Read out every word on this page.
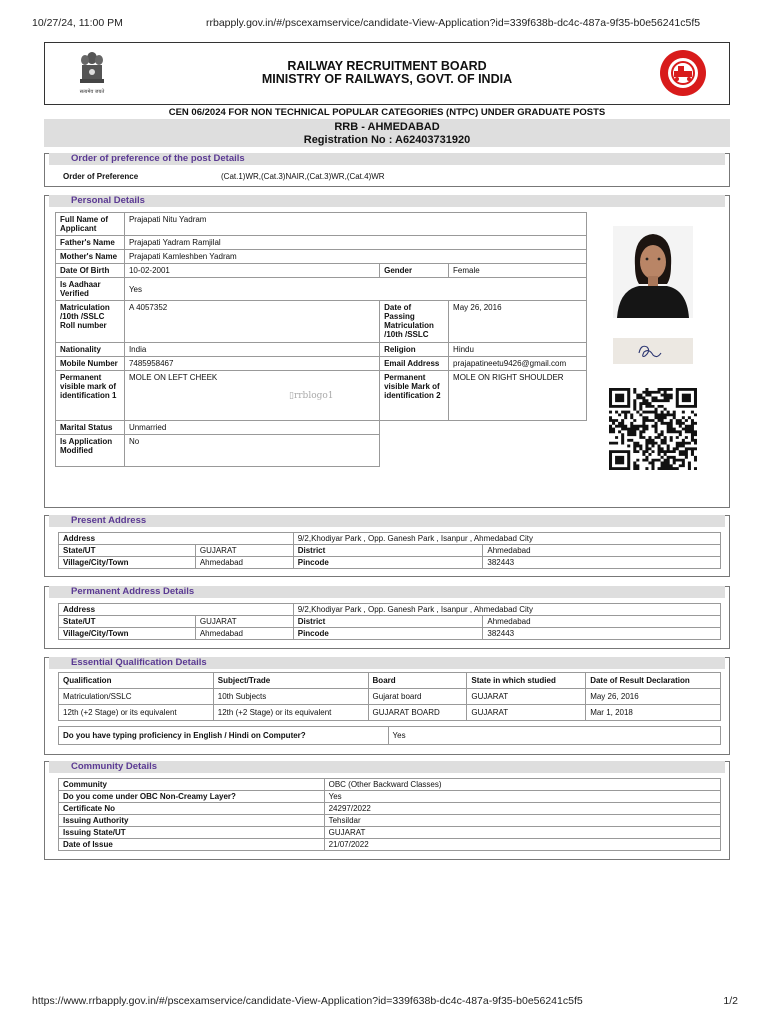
10/27/24, 11:00 PM	rrbapply.gov.in/#/pscexamservice/candidate-View-Application?id=339f638b-dc4c-487a-9f35-b0e56241c5f5
सत्यमेव जयते
RAILWAY RECRUITMENT BOARD
MINISTRY OF RAILWAYS, GOVT. OF INDIA
CEN 06/2024 FOR NON TECHNICAL POPULAR CATEGORIES (NTPC) UNDER GRADUATE POSTS
RRB - AHMEDABAD
Registration No : A62403731920
Order of preference of the post Details
Order of Preference	(Cat.1)WR,(Cat.3)NAIR,(Cat.3)WR,(Cat.4)WR
Personal Details
Full Name of Applicant	Prajapati Nitu Yadram		
Father's Name	Prajapati Yadram Ramjilal		
Mother's Name	Prajapati Kamleshben Yadram		
Date Of Birth	10-02-2001	Gender	Female
Is Aadhaar Verified	Yes		
Matriculation /10th /SSLC Roll number	A 4057352	Date of Passing Matriculation /10th /SSLC	May 26, 2016
Nationality	India	Religion	Hindu
Mobile Number	7485958467	Email Address	prajapatineetu9426@gmail.com
Permanent visible mark of identification 1	MOLE ON LEFT CHEEK	Permanent visible Mark of identification 2	MOLE ON RIGHT SHOULDER
Marital Status	Unmarried		
Is Application Modified	No		
▯rrblogo1
Present Address
Address		9/2,Khodiyar Park , Opp. Ganesh Park , Isanpur , Ahmedabad City	
State/UT	GUJARAT	District	Ahmedabad
Village/City/Town	Ahmedabad	Pincode	382443
Permanent Address Details
Address		9/2,Khodiyar Park , Opp. Ganesh Park , Isanpur , Ahmedabad City	
State/UT	GUJARAT	District	Ahmedabad
Village/City/Town	Ahmedabad	Pincode	382443
Essential Qualification Details
Qualification	Subject/Trade	Board	State in which studied	Date of Result Declaration
Matriculation/SSLC	10th Subjects	Gujarat board	GUJARAT	May 26, 2016
12th (+2 Stage) or its equivalent	12th (+2 Stage) or its equivalent	GUJARAT BOARD	GUJARAT	Mar 1, 2018
Do you have typing proficiency in English / Hindi on Computer?	Yes
Community Details
Community	OBC (Other Backward Classes)
Do you come under OBC Non-Creamy Layer?	Yes
Certificate No	24297/2022
Issuing Authority	Tehsildar
Issuing State/UT	GUJARAT
Date of Issue	21/07/2022
https://www.rrbapply.gov.in/#/pscexamservice/candidate-View-Application?id=339f638b-dc4c-487a-9f35-b0e56241c5f5	1/2
